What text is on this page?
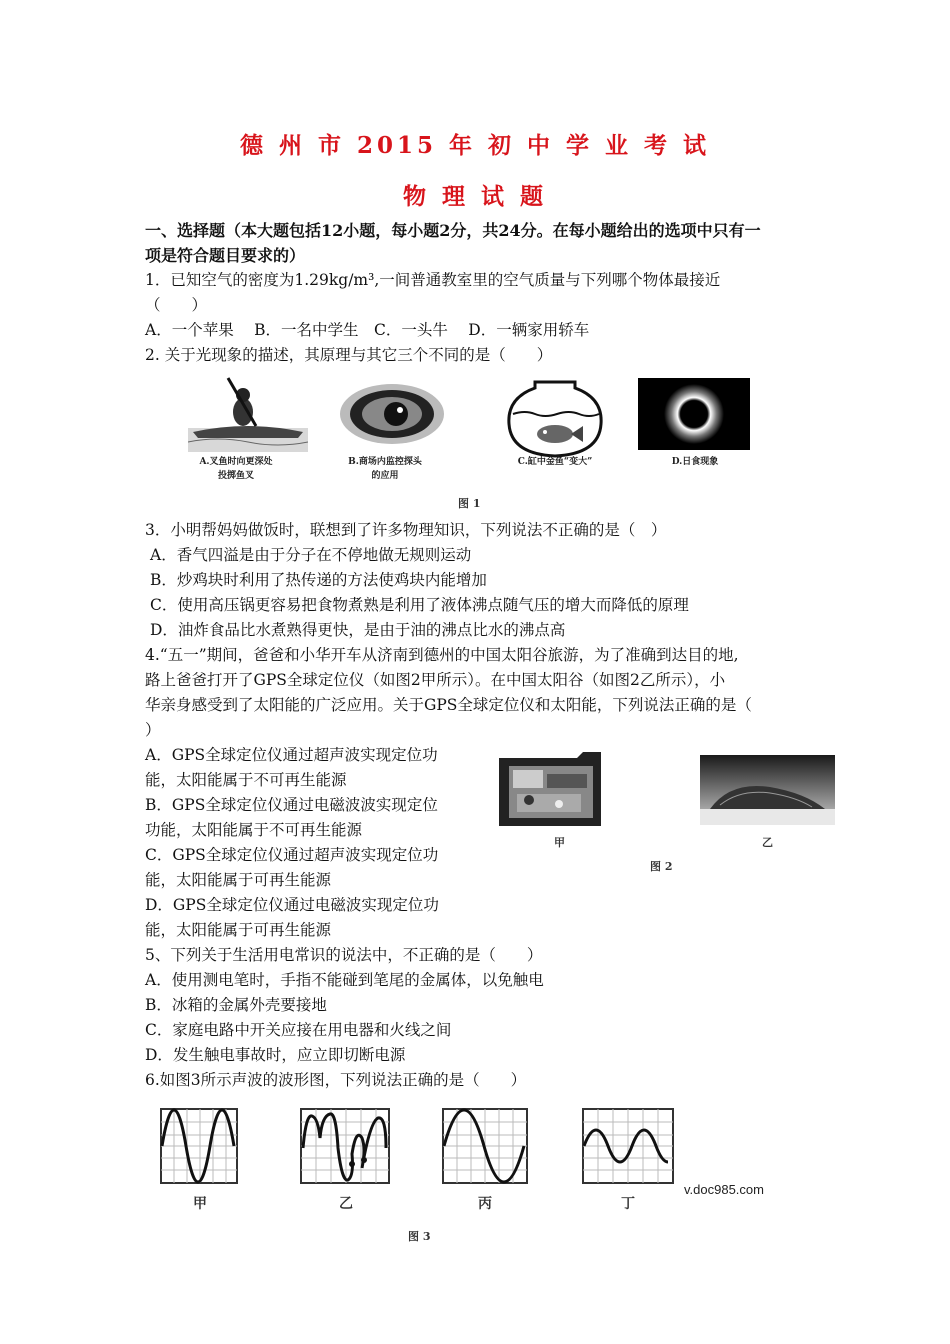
德 州 市 2015 年 初 中 学 业 考 试
物 理 试 题
一、选择题（本大题包括12小题，每小题2分，共24分。在每小题给出的选项中只有一
项是符合题目要求的）
1．已知空气的密度为1.29kg/m³,一间普通教室里的空气质量与下列哪个物体最接近
（　　）
A．一个苹果　 B．一名中学生　C．一头牛　 D．一辆家用轿车
2. 关于光现象的描述，其原理与其它三个不同的是（　　）
A.叉鱼时向更深处投掷鱼叉
B.商场内监控探头的应用
C.缸中金鱼“变大”	D.日食现象
图 1
3．小明帮妈妈做饭时，联想到了许多物理知识，下列说法不正确的是（　）
A．香气四溢是由于分子在不停地做无规则运动
B．炒鸡块时利用了热传递的方法使鸡块内能增加
C．使用高压锅更容易把食物煮熟是利用了液体沸点随气压的增大而降低的原理
D．油炸食品比水煮熟得更快，是由于油的沸点比水的沸点高
4.“五一”期间，爸爸和小华开车从济南到德州的中国太阳谷旅游，为了准确到达目的地,
路上爸爸打开了GPS全球定位仪（如图2甲所示）。在中国太阳谷（如图2乙所示），小
华亲身感受到了太阳能的广泛应用。关于GPS全球定位仪和太阳能，下列说法正确的是（
）
A．GPS全球定位仪通过超声波实现定位功
能，太阳能属于不可再生能源
B．GPS全球定位仪通过电磁波波实现定位
功能，太阳能属于不可再生能源
C．GPS全球定位仪通过超声波实现定位功
能，太阳能属于可再生能源
D．GPS全球定位仪通过电磁波实现定位功
能，太阳能属于可再生能源
甲	乙
图 2
5、下列关于生活用电常识的说法中，不正确的是（　　）
A．使用测电笔时，手指不能碰到笔尾的金属体，以免触电
B．冰箱的金属外壳要接地
C．家庭电路中开关应接在用电器和火线之间
D．发生触电事故时，应立即切断电源
6.如图3所示声波的波形图，下列说法正确的是（　　）
甲	乙	丙	丁
v.doc985.com
图 3
